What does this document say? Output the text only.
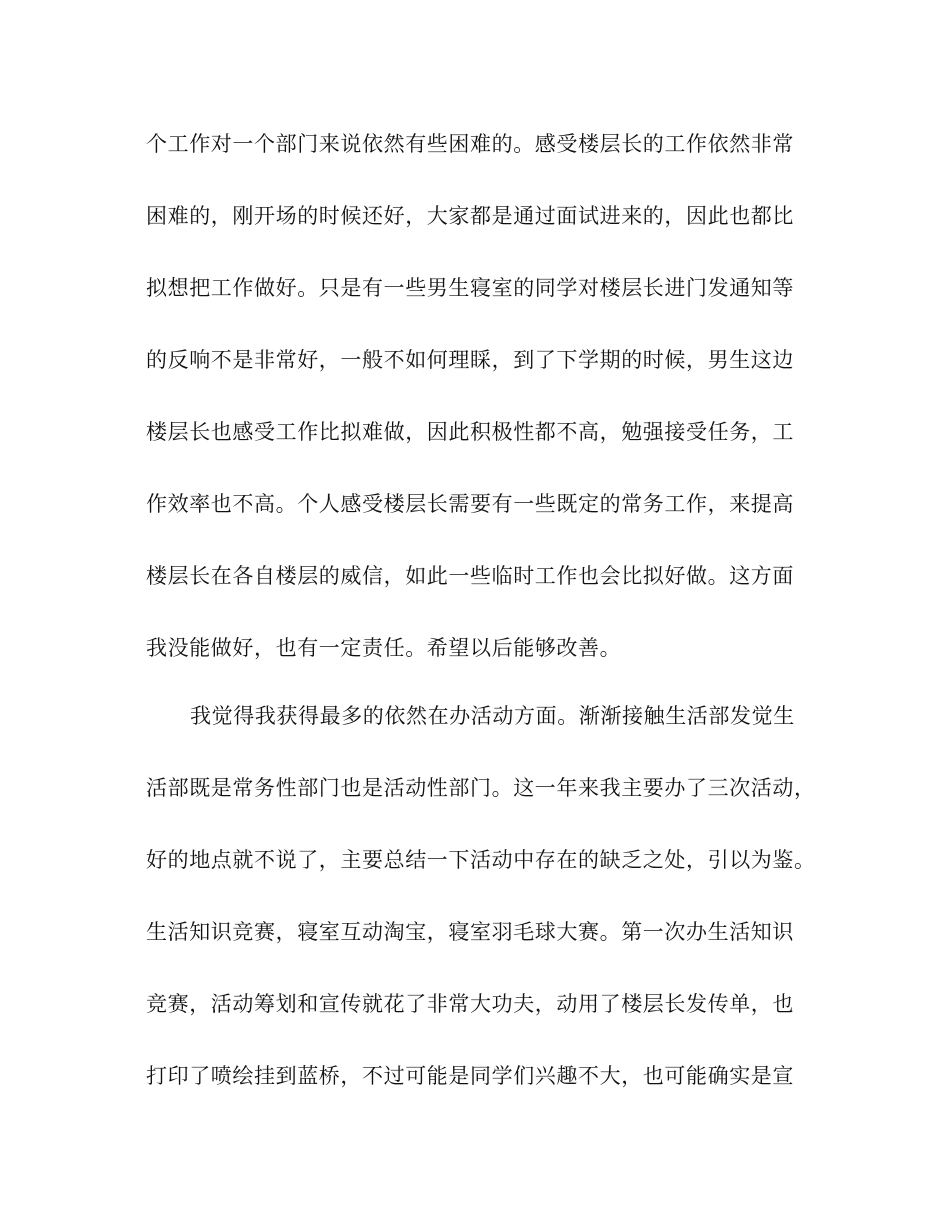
个工作对一个部门来说依然有些困难的。感受楼层长的工作依然非常
困难的，刚开场的时候还好，大家都是通过面试进来的，因此也都比
拟想把工作做好。只是有一些男生寝室的同学对楼层长进门发通知等
的反响不是非常好，一般不如何理睬，到了下学期的时候，男生这边
楼层长也感受工作比拟难做，因此积极性都不高，勉强接受任务，工
作效率也不高。个人感受楼层长需要有一些既定的常务工作，来提高
楼层长在各自楼层的威信，如此一些临时工作也会比拟好做。这方面
我没能做好，也有一定责任。希望以后能够改善。
我觉得我获得最多的依然在办活动方面。渐渐接触生活部发觉生
活部既是常务性部门也是活动性部门。这一年来我主要办了三次活动，
好的地点就不说了，主要总结一下活动中存在的缺乏之处，引以为鉴。
生活知识竞赛，寝室互动淘宝，寝室羽毛球大赛。第一次办生活知识
竞赛，活动筹划和宣传就花了非常大功夫，动用了楼层长发传单，也
打印了喷绘挂到蓝桥，不过可能是同学们兴趣不大，也可能确实是宣
